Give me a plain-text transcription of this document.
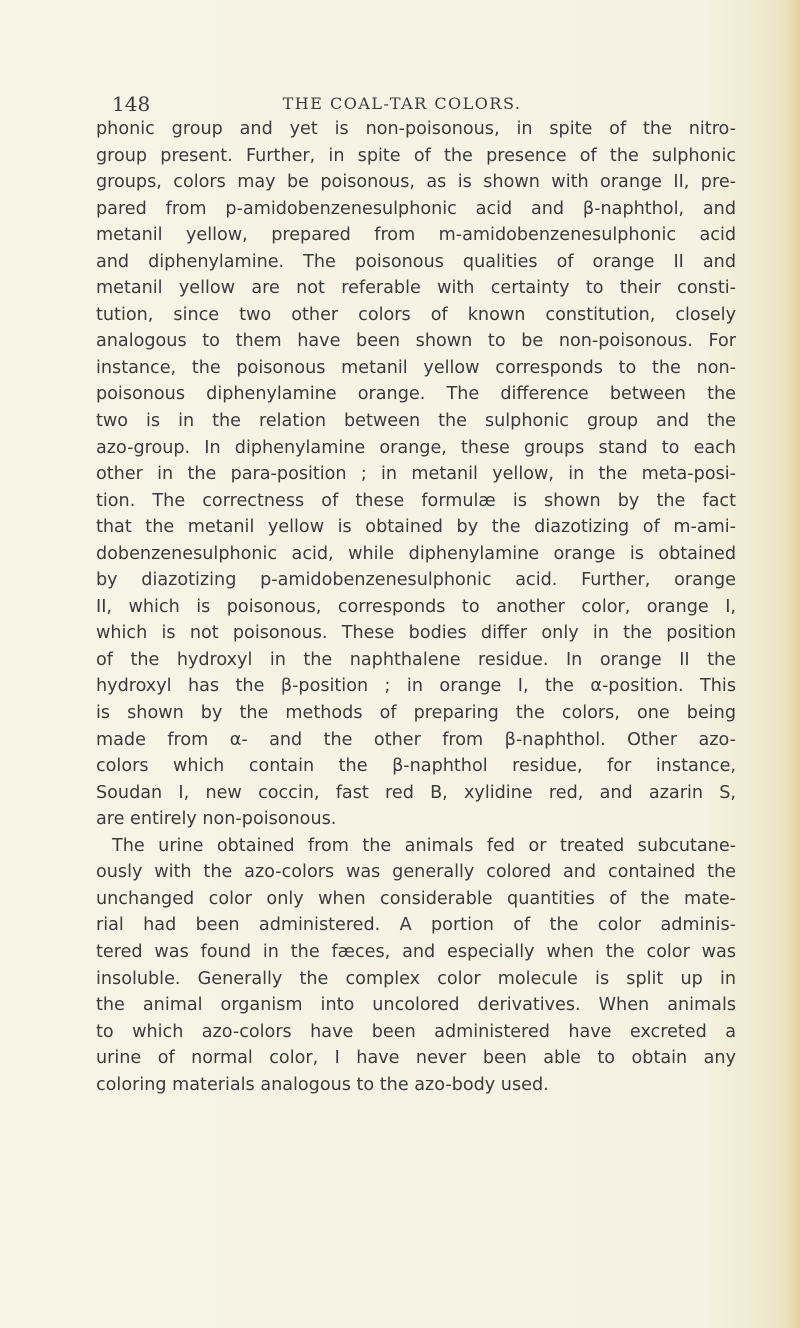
148	THE COAL-TAR COLORS.
phonic group and yet is non-poisonous, in spite of the nitro-
group present. Further, in spite of the presence of the sulphonic
groups, colors may be poisonous, as is shown with orange II, pre-
pared from p-amidobenzenesulphonic acid and β-naphthol, and
metanil yellow, prepared from m-amidobenzenesulphonic acid
and diphenylamine. The poisonous qualities of orange II and
metanil yellow are not referable with certainty to their consti-
tution, since two other colors of known constitution, closely
analogous to them have been shown to be non-poisonous. For
instance, the poisonous metanil yellow corresponds to the non-
poisonous diphenylamine orange. The difference between the
two is in the relation between the sulphonic group and the
azo-group. In diphenylamine orange, these groups stand to each
other in the para-position ; in metanil yellow, in the meta-posi-
tion. The correctness of these formulæ is shown by the fact
that the metanil yellow is obtained by the diazotizing of m-ami-
dobenzenesulphonic acid, while diphenylamine orange is obtained
by diazotizing p-amidobenzenesulphonic acid. Further, orange
II, which is poisonous, corresponds to another color, orange I,
which is not poisonous. These bodies differ only in the position
of the hydroxyl in the naphthalene residue. In orange II the
hydroxyl has the β-position ; in orange I, the α-position. This
is shown by the methods of preparing the colors, one being
made from α- and the other from β-naphthol. Other azo-
colors which contain the β-naphthol residue, for instance,
Soudan I, new coccin, fast red B, xylidine red, and azarin S,
are entirely non-poisonous.
The urine obtained from the animals fed or treated subcutane-
ously with the azo-colors was generally colored and contained the
unchanged color only when considerable quantities of the mate-
rial had been administered. A portion of the color adminis-
tered was found in the fæces, and especially when the color was
insoluble. Generally the complex color molecule is split up in
the animal organism into uncolored derivatives. When animals
to which azo-colors have been administered have excreted a
urine of normal color, I have never been able to obtain any
coloring materials analogous to the azo-body used.
